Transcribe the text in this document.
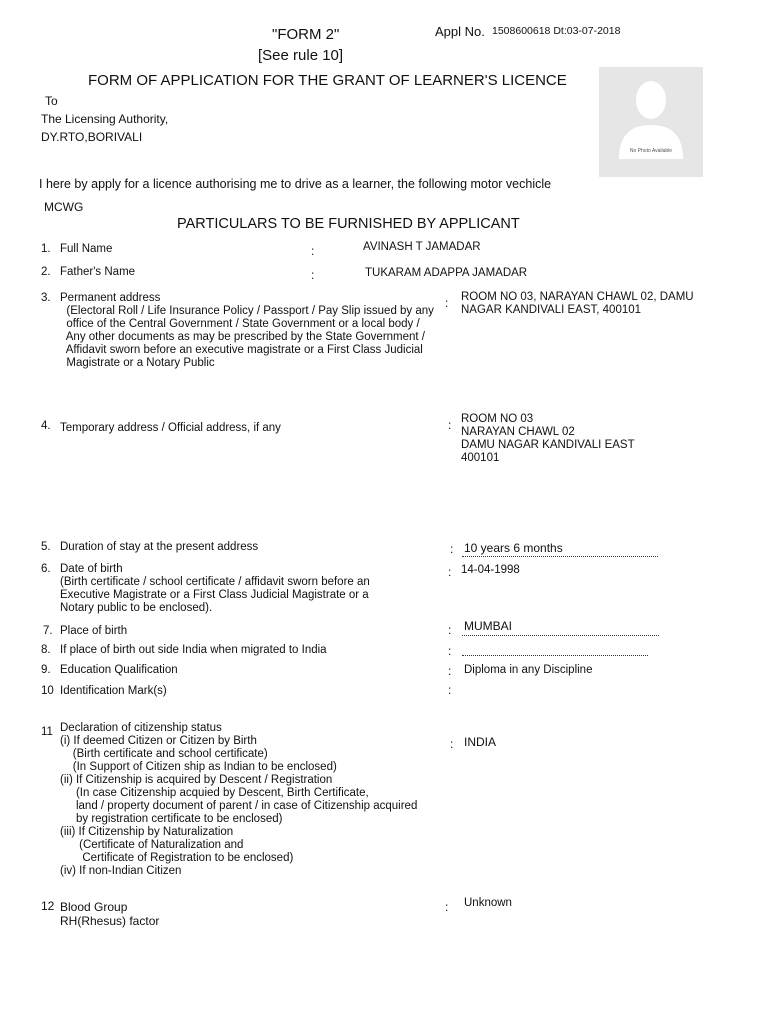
"FORM 2"
[See rule 10]
Appl No. 1508600618 Dt:03-07-2018
FORM OF APPLICATION FOR THE GRANT OF LEARNER'S LICENCE
No Photo Available
To
The Licensing Authority,
DY.RTO,BORIVALI
I here by apply for a licence authorising me to drive as a learner, the following motor vechicle
MCWG
PARTICULARS TO BE FURNISHED BY APPLICANT
1. Full Name	:	AVINASH T JAMADAR
2. Father's Name	:	TUKARAM ADAPPA JAMADAR
3. Permanent address
(Electoral Roll / Life Insurance Policy / Passport / Pay Slip issued by any
office of the Central Government / State Government or a local body /
Any other documents as may be prescribed by the State Government /
Affidavit sworn before an executive magistrate or a First Class Judicial
Magistrate or a Notary Public
: ROOM NO 03, NARAYAN CHAWL 02, DAMU
NAGAR KANDIVALI EAST, 400101
4. Temporary address / Official address, if any	: ROOM NO 03
NARAYAN CHAWL 02
DAMU NAGAR KANDIVALI EAST
400101
5. Duration of stay at the present address	: 10 years 6 months
6. Date of birth
(Birth certificate / school certificate / affidavit sworn before an
Executive Magistrate or a First Class Judicial Magistrate or a
Notary public to be enclosed).
: 14-04-1998
7. Place of birth	: MUMBAI
8. If place of birth out side India when migrated to India	:
9. Education Qualification	: Diploma in any Discipline
10 Identification Mark(s)	:
11 Declaration of citizenship status
(i) If deemed Citizen or Citizen by Birth
(Birth certificate and school certificate)
(In Support of Citizen ship as Indian to be enclosed)
(ii) If Citizenship is acquired by Descent / Registration
(In case Citizenship acquied by Descent, Birth Certificate,
land / property document of parent / in case of Citizenship acquired
by registration certificate to be enclosed)
(iii) If Citizenship by Naturalization
(Certificate of Naturalization and
Certificate of Registration to be enclosed)
(iv) If non-Indian Citizen
: INDIA
12 Blood Group
RH(Rhesus) factor
: Unknown
